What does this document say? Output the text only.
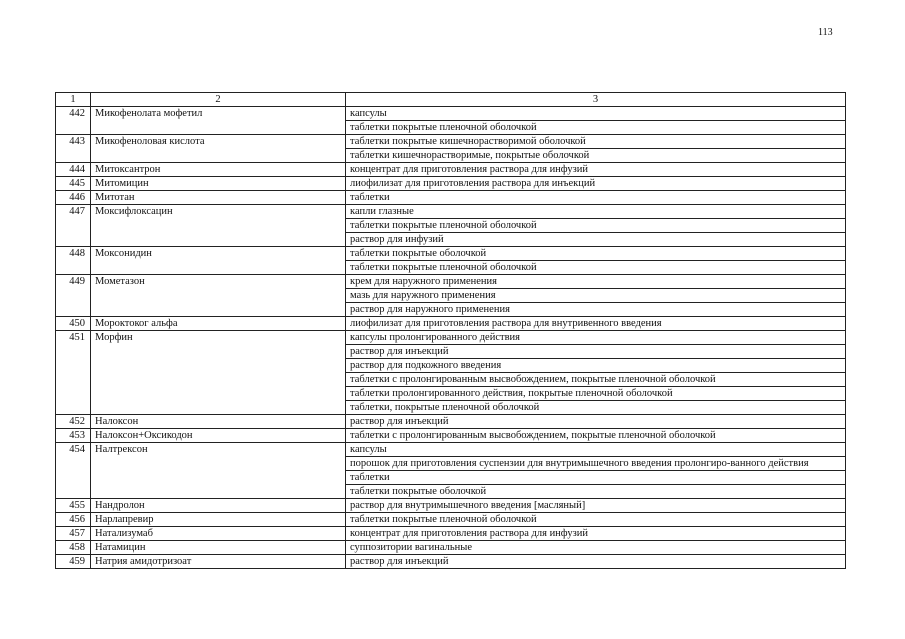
113
1	2	3
442	Микофенолата мофетил	капсулы
		таблетки покрытые пленочной оболочкой
443	Микофеноловая кислота	таблетки покрытые кишечнорастворимой оболочкой
		таблетки кишечнорастворимые, покрытые оболочкой
444	Митоксантрон	концентрат для приготовления раствора для инфузий
445	Митомицин	лиофилизат для приготовления раствора для инъекций
446	Митотан	таблетки
447	Моксифлоксацин	капли глазные
		таблетки покрытые пленочной оболочкой
		раствор для инфузий
448	Моксонидин	таблетки покрытые оболочкой
		таблетки покрытые пленочной оболочкой
449	Мометазон	крем для наружного применения
		мазь для наружного применения
		раствор для наружного применения
450	Мороктоког альфа	лиофилизат для приготовления раствора для внутривенного введения
451	Морфин	капсулы пролонгированного действия
		раствор для инъекций
		раствор для подкожного введения
		таблетки с пролонгированным высвобождением, покрытые пленочной оболочкой
		таблетки пролонгированного действия, покрытые пленочной оболочкой
		таблетки, покрытые пленочной оболочкой
452	Налоксон	раствор для инъекций
453	Налоксон+Оксикодон	таблетки с пролонгированным высвобождением, покрытые пленочной оболочкой
454	Налтрексон	капсулы
		порошок для приготовления суспензии для внутримышечного введения пролонгиро-ванного действия
		таблетки
		таблетки покрытые оболочкой
455	Нандролон	раствор для внутримышечного введения [масляный]
456	Нарлапревир	таблетки покрытые пленочной оболочкой
457	Натализумаб	концентрат для приготовления раствора для инфузий
458	Натамицин	суппозитории вагинальные
459	Натрия амидотризоат	раствор для инъекций
